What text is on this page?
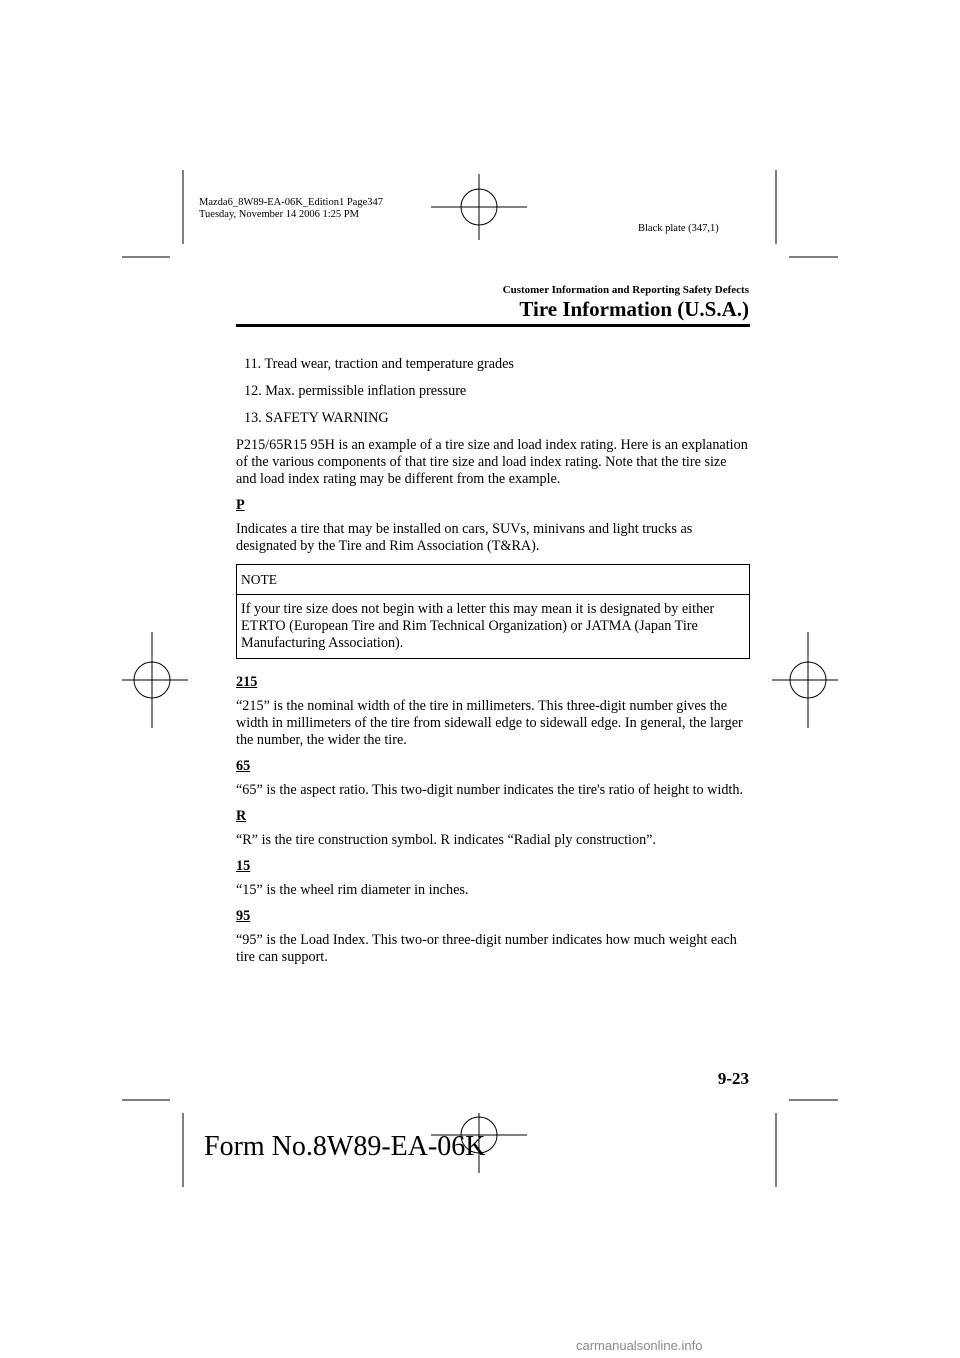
Mazda6_8W89-EA-06K_Edition1 Page347
Tuesday, November 14 2006 1:25 PM
Black plate (347,1)
Customer Information and Reporting Safety Defects
Tire Information (U.S.A.)

11. Tread wear, traction and temperature grades

12. Max. permissible inflation pressure

13. SAFETY WARNING

P215/65R15 95H is an example of a tire size and load index rating. Here is an explanation of the various components of that tire size and load index rating. Note that the tire size and load index rating may be different from the example.

P

Indicates a tire that may be installed on cars, SUVs, minivans and light trucks as designated by the Tire and Rim Association (T&RA).

NOTE
If your tire size does not begin with a letter this may mean it is designated by either ETRTO (European Tire and Rim Technical Organization) or JATMA (Japan Tire Manufacturing Association).

215

“215” is the nominal width of the tire in millimeters. This three-digit number gives the width in millimeters of the tire from sidewall edge to sidewall edge. In general, the larger the number, the wider the tire.

65

“65” is the aspect ratio. This two-digit number indicates the tire's ratio of height to width.

R

“R” is the tire construction symbol. R indicates “Radial ply construction”.

15

“15” is the wheel rim diameter in inches.

95

“95” is the Load Index. This two-or three-digit number indicates how much weight each tire can support.

9-23
Form No.8W89-EA-06K
carmanualsonline.info
